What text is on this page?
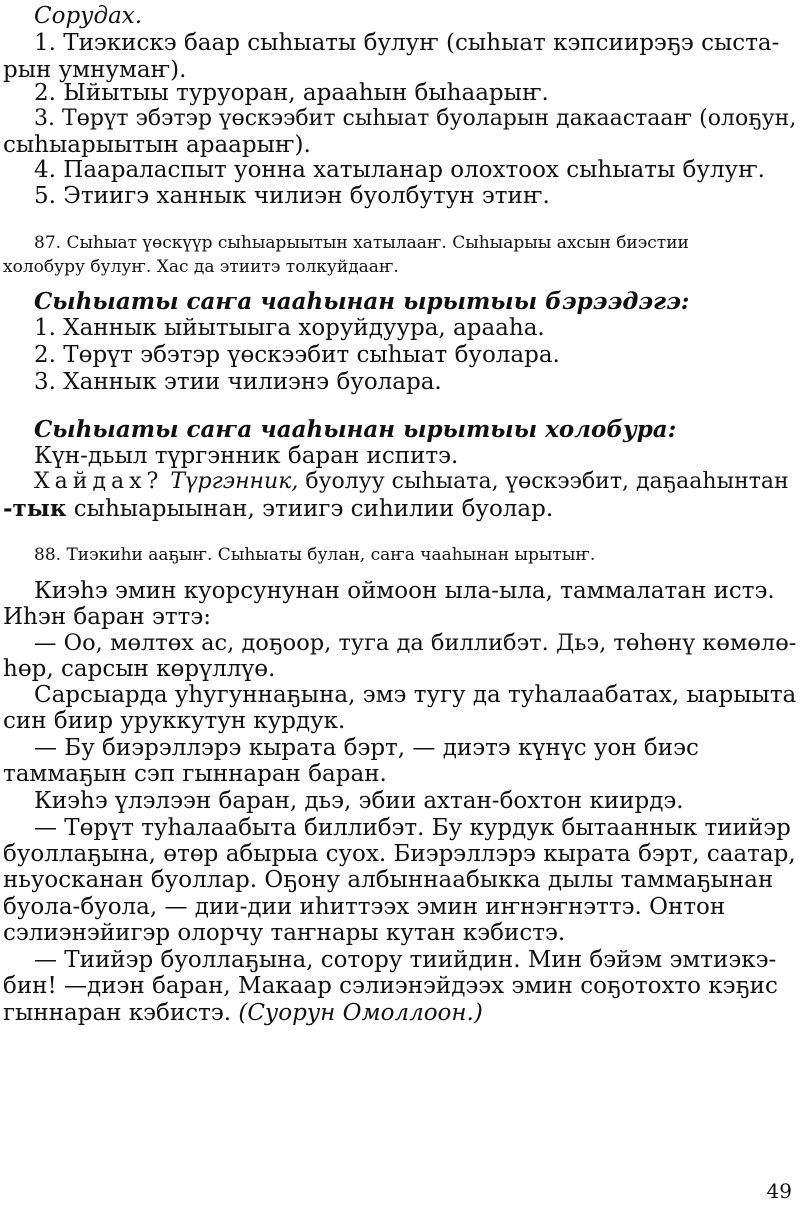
Сорудах.
1. Тиэкискэ баар сыһыаты булуҥ (сыһыат кэпсиирэҕэ сыста-
рын умнумаҥ).
2. Ыйытыы туруоран, арааһын быһаарыҥ.
3. Төрүт эбэтэр үөскээбит сыһыат буоларын дакаастааҥ (олоҕун,
сыһыарыытын араарыҥ).
4. Паараласпыт уонна хатыланар олохтоох сыһыаты булуҥ.
5. Этиигэ ханнык чилиэн буолбутун этиҥ.
87. Сыһыат үөскүүр сыһыарыытын хатылааҥ. Сыһыарыы ахсын биэстии
холобуру булуҥ. Хас да этиитэ толкуйдааҥ.
Сыһыаты саҥа чааһынан ырытыы бэрээдэгэ:
1. Ханнык ыйытыыга хоруйдуура, арааһа.
2. Төрүт эбэтэр үөскээбит сыһыат буолара.
3. Ханнык этии чилиэнэ буолара.
Сыһыаты саҥа чааһынан ырытыы холобура:
Күн-дьыл түргэнник баран испитэ.
Хайдах? Түргэнник, буолуу сыһыата, үөскээбит, даҕааһынтан
-тык сыһыарыынан, этиигэ сиһилии буолар.
88. Тиэкиһи ааҕыҥ. Сыһыаты булан, саҥа чааһынан ырытыҥ.
Киэһэ эмин куорсунунан оймоон ыла-ыла, таммалатан истэ.
Иһэн баран эттэ:
— Оо, мөлтөх ас, доҕоор, туга да биллибэт. Дьэ, төһөнү көмөлө-
һөр, сарсын көрүллүө.
Сарсыарда уһугуннаҕына, эмэ тугу да туһалаабатах, ыарыыта
син биир уруккутун курдук.
— Бу биэрэллэрэ кырата бэрт, — диэтэ күнүс уон биэс
таммаҕын сэп гыннаран баран.
Киэһэ үлэлээн баран, дьэ, эбии ахтан-бохтон киирдэ.
— Төрүт туһалаабыта биллибэт. Бу курдук бытааннык тиийэр
буоллаҕына, өтөр абырыа суох. Биэрэллэрэ кырата бэрт, саатар,
ньуосканан буоллар. Оҕону албыннаабыкка дылы таммаҕынан
буола-буола, — дии-дии иһиттээх эмин иҥнэҥнэттэ. Онтон
сэлиэнэйигэр олорчу таҥнары кутан кэбистэ.
— Тиийэр буоллаҕына, сотору тиийдин. Мин бэйэм эмтиэкэ-
бин! —диэн баран, Макаар сэлиэнэйдээх эмин соҕотохто кэҕис
гыннаран кэбистэ. (Суорун Омоллоон.)
49
